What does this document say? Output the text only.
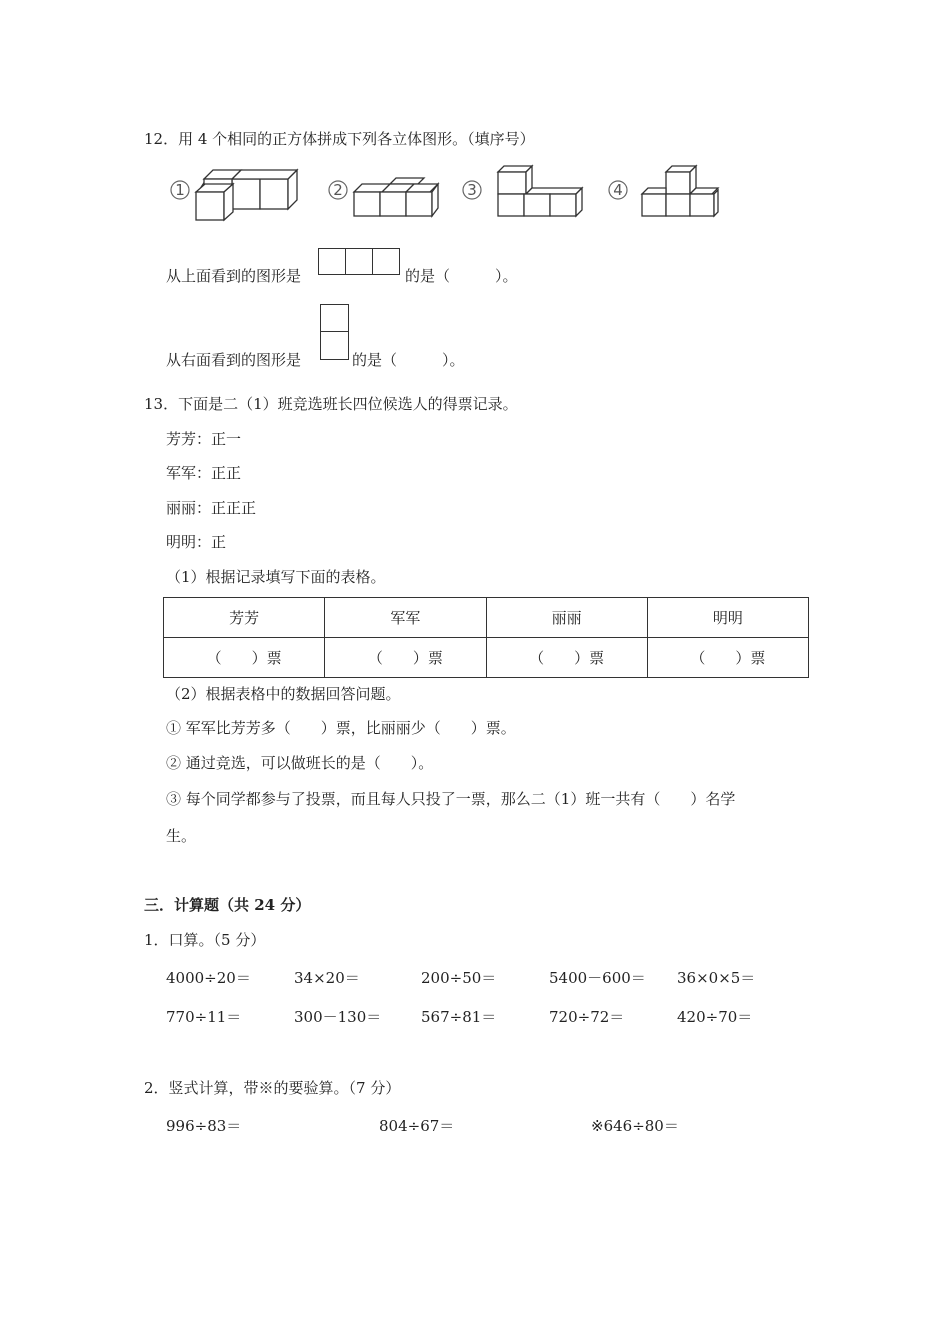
12．用 4 个相同的正方体拼成下列各立体图形。（填序号）
1	2	3	4
从上面看到的图形是	的是（　　　）。
从右面看到的图形是	的是（　　　）。
13．下面是二（1）班竞选班长四位候选人的得票记录。
芳芳：正一
军军：正正
丽丽：正正正
明明：正
（1）根据记录填写下面的表格。
芳芳	军军	丽丽	明明
（　　）票	（　　）票	（　　）票	（　　）票
（2）根据表格中的数据回答问题。
① 军军比芳芳多（　　）票，比丽丽少（　　）票。
② 通过竞选，可以做班长的是（　　）。
③ 每个同学都参与了投票，而且每人只投了一票，那么二（1）班一共有（　　）名学
生。
三．计算题（共 24 分）
1．口算。（5 分）
4000÷20＝	34×20＝	200÷50＝	5400－600＝ 36×0×5＝
770÷11＝	300－130＝	567÷81＝	720÷72＝	420÷70＝
2．竖式计算，带※的要验算。（7 分）
996÷83＝	804÷67＝	※646÷80＝
